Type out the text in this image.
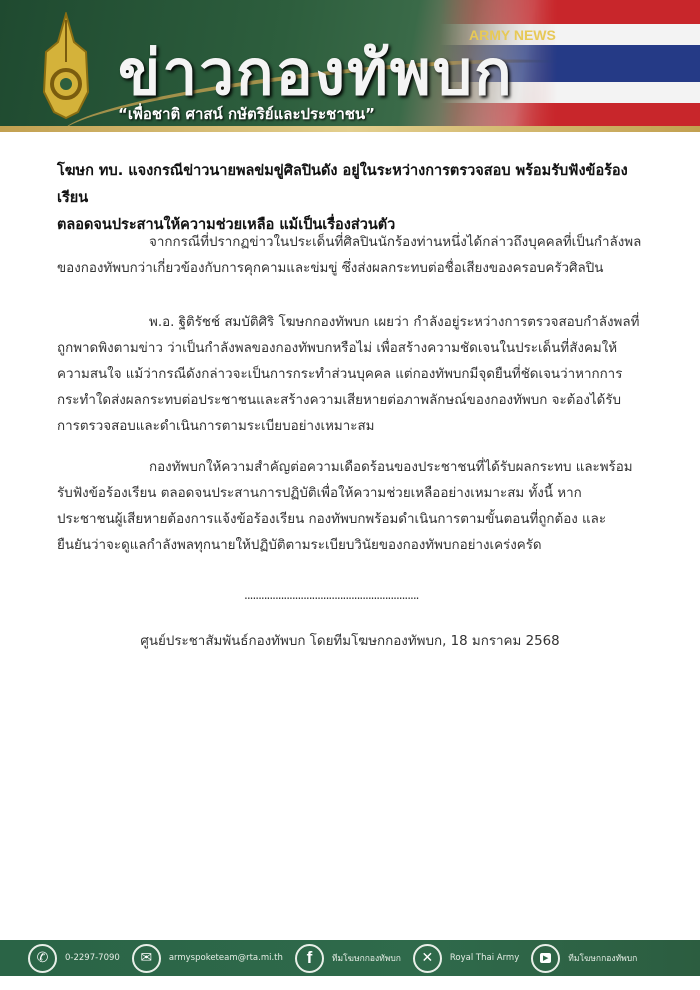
ARMY NEWS
ข่าวกองทัพบก
“เพื่อชาติ ศาสน์ กษัตริย์และประชาชน”
โฆษก ทบ. แจงกรณีข่าวนายพลข่มขู่ศิลปินดัง อยู่ในระหว่างการตรวจสอบ พร้อมรับฟังข้อร้องเรียน
ตลอดจนประสานให้ความช่วยเหลือ แม้เป็นเรื่องส่วนตัว
จากกรณีที่ปรากฏข่าวในประเด็นที่ศิลปินนักร้องท่านหนึ่งได้กล่าวถึงบุคคลที่เป็นกำลังพล
ของกองทัพบกว่าเกี่ยวข้องกับการคุกคามและข่มขู่ ซึ่งส่งผลกระทบต่อชื่อเสียงของครอบครัวศิลปิน
พ.อ. ฐิติรัชช์ สมบัติศิริ โฆษกกองทัพบก เผยว่า กำลังอยู่ระหว่างการตรวจสอบกำลังพลที่
ถูกพาดพิงตามข่าว ว่าเป็นกำลังพลของกองทัพบกหรือไม่ เพื่อสร้างความชัดเจนในประเด็นที่สังคมให้
ความสนใจ แม้ว่ากรณีดังกล่าวจะเป็นการกระทำส่วนบุคคล แต่กองทัพบกมีจุดยืนที่ชัดเจนว่าหากการ
กระทำใดส่งผลกระทบต่อประชาชนและสร้างความเสียหายต่อภาพลักษณ์ของกองทัพบก จะต้องได้รับ
การตรวจสอบและดำเนินการตามระเบียบอย่างเหมาะสม
กองทัพบกให้ความสำคัญต่อความเดือดร้อนของประชาชนที่ได้รับผลกระทบ และพร้อม
รับฟังข้อร้องเรียน ตลอดจนประสานการปฏิบัติเพื่อให้ความช่วยเหลืออย่างเหมาะสม ทั้งนี้ หาก
ประชาชนผู้เสียหายต้องการแจ้งข้อร้องเรียน กองทัพบกพร้อมดำเนินการตามขั้นตอนที่ถูกต้อง และ
ยืนยันว่าจะดูแลกำลังพลทุกนายให้ปฏิบัติตามระเบียบวินัยของกองทัพบกอย่างเคร่งครัด
..............................................................
ศูนย์ประชาสัมพันธ์กองทัพบก โดยทีมโฆษกกองทัพบก, 18 มกราคม 2568
✆	0-2297-7090	✉	armyspoketeam@rta.mi.th	f	ทีมโฆษกกองทัพบก	✕	Royal Thai Army	▶	ทีมโฆษกกองทัพบก
